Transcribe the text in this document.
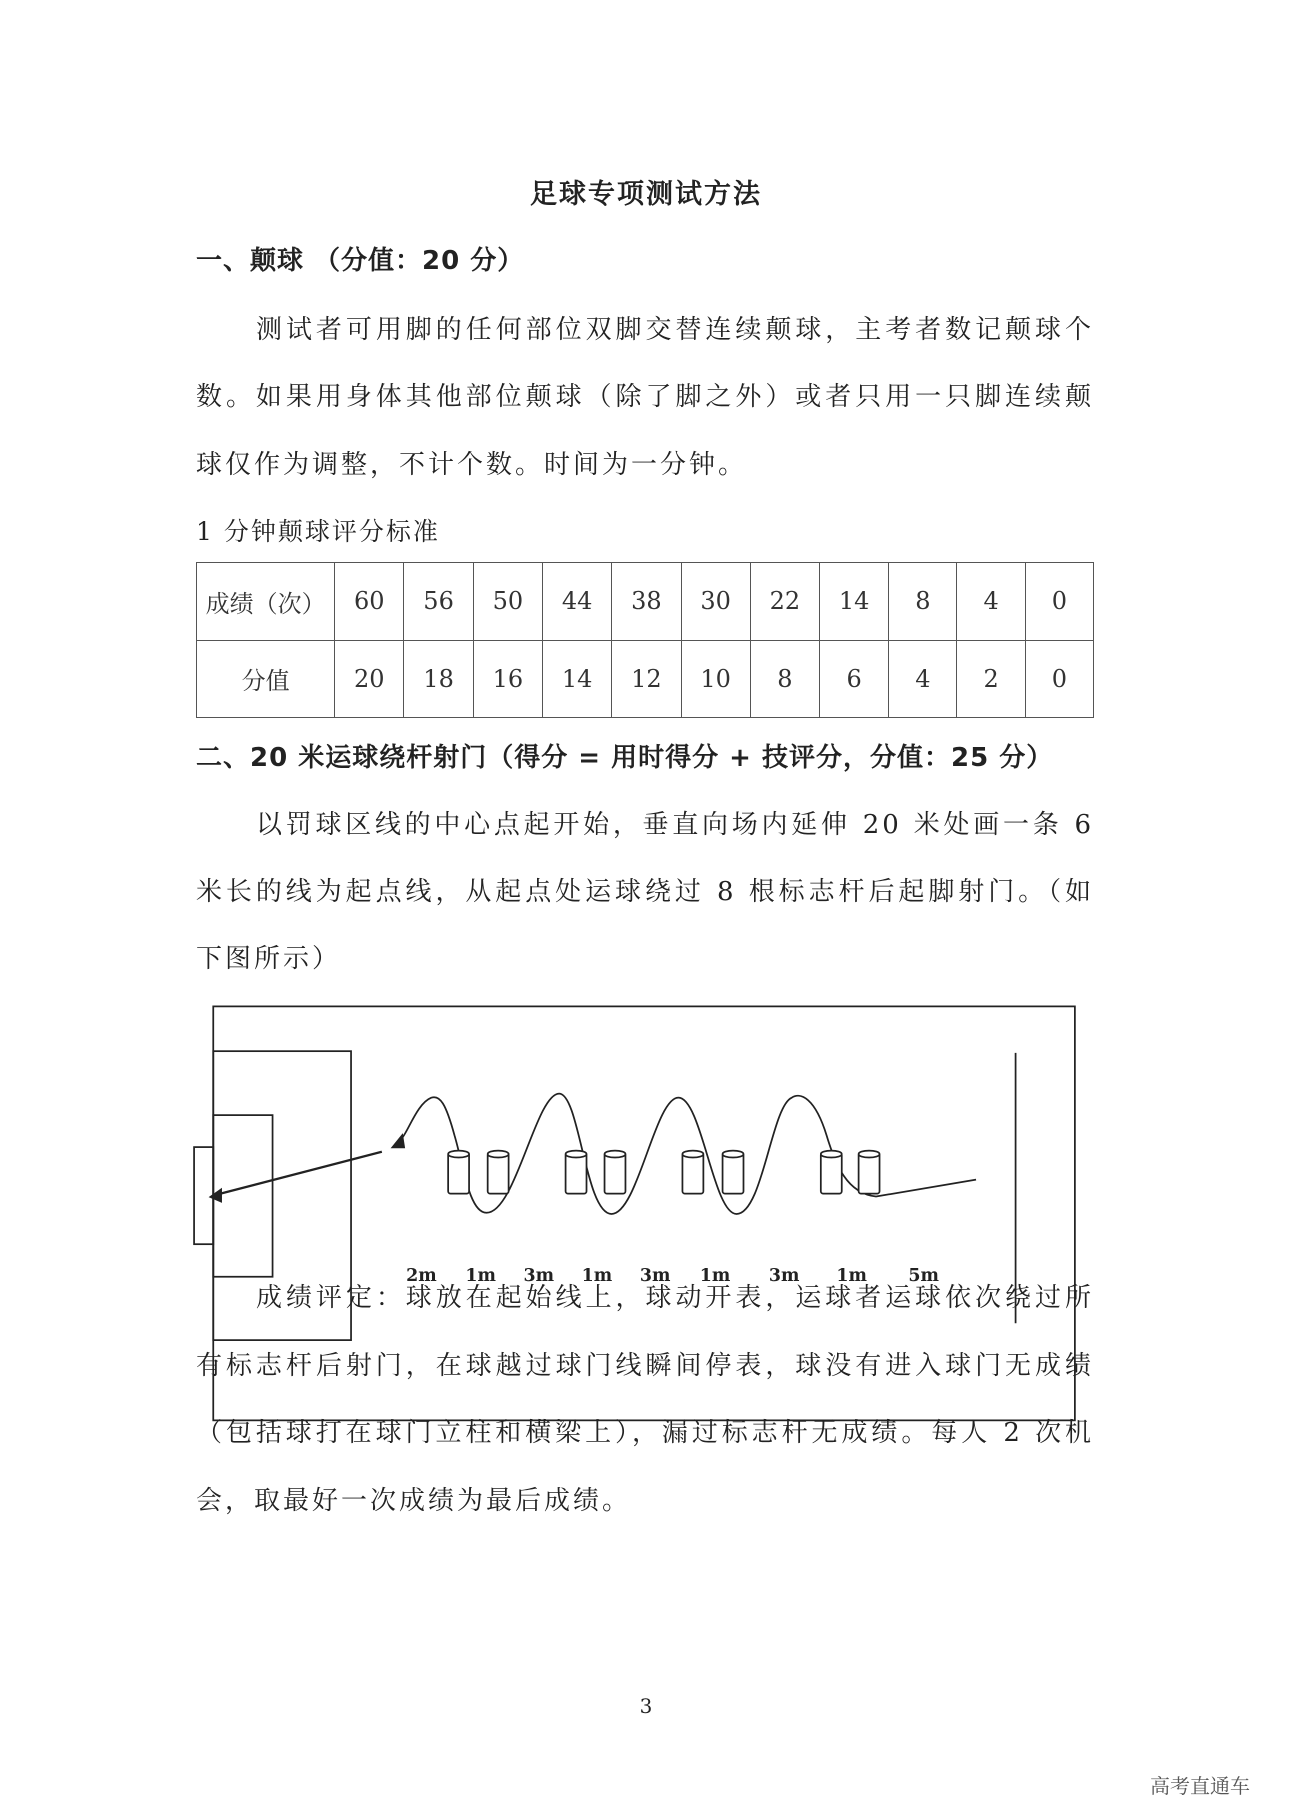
足球专项测试方法
一、颠球 （分值：20 分）
测试者可用脚的任何部位双脚交替连续颠球，主考者数记颠球个
数。如果用身体其他部位颠球（除了脚之外）或者只用一只脚连续颠
球仅作为调整，不计个数。时间为一分钟。
1 分钟颠球评分标准
成绩（次）	60	56	50	44	38	30	22	14	8	4	0
分值	20	18	16	14	12	10	8	6	4	2	0
二、20 米运球绕杆射门（得分 = 用时得分 + 技评分，分值：25 分）
以罚球区线的中心点起开始，垂直向场内延伸 20 米处画一条 6
米长的线为起点线，从起点处运球绕过 8 根标志杆后起脚射门。（如
下图所示）
2m 1m 3m 1m 3m 1m 3m 1m 5m
成绩评定：球放在起始线上，球动开表，运球者运球依次绕过所
有标志杆后射门，在球越过球门线瞬间停表，球没有进入球门无成绩
（包括球打在球门立柱和横梁上），漏过标志杆无成绩。每人 2 次机
会，取最好一次成绩为最后成绩。
3
高考直通车
